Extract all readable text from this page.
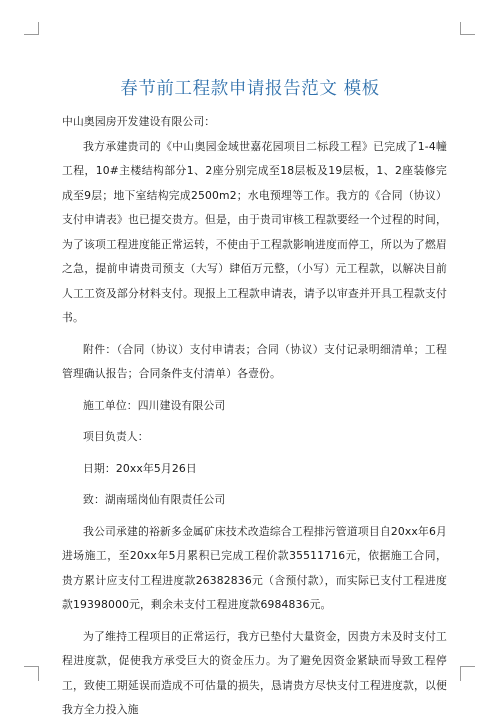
春节前工程款申请报告范文 模板

中山奥园房开发建设有限公司：

我方承建贵司的《中山奥园金域世嘉花园项目二标段工程》已完成了1-4幢工程，10#主楼结构部分1、2座分别完成至18层板及19层板，1、2座装修完成至9层；地下室结构完成2500m2；水电预埋等工作。我方的《合同（协议）支付申请表》也已提交贵方。但是，由于贵司审核工程款要经一个过程的时间，为了该项工程进度能正常运转，不使由于工程款影响进度而停工，所以为了燃眉之急，提前申请贵司预支（大写）肆佰万元整，（小写）元工程款，以解决目前人工工资及部分材料支付。现报上工程款申请表，请予以审查并开具工程款支付书。

附件：（合同（协议）支付申请表；合同（协议）支付记录明细清单；工程管理确认报告；合同条件支付清单）各壹份。

施工单位：四川建设有限公司

项目负责人：

日期：20xx年5月26日

致：湖南瑶岗仙有限责任公司

我公司承建的裕新多金属矿床技术改造综合工程排污管道项目自20xx年6月进场施工，至20xx年5月累积已完成工程价款35511716元，依据施工合同，贵方累计应支付工程进度款26382836元（含预付款），而实际已支付工程进度款19398000元，剩余未支付工程进度款6984836元。

为了维持工程项目的正常运行，我方已垫付大量资金，因贵方未及时支付工程进度款，促使我方承受巨大的资金压力。为了避免因资金紧缺而导致工程停工，致使工期延误而造成不可估量的损失，恳请贵方尽快支付工程进度款，以便我方全力投入施
